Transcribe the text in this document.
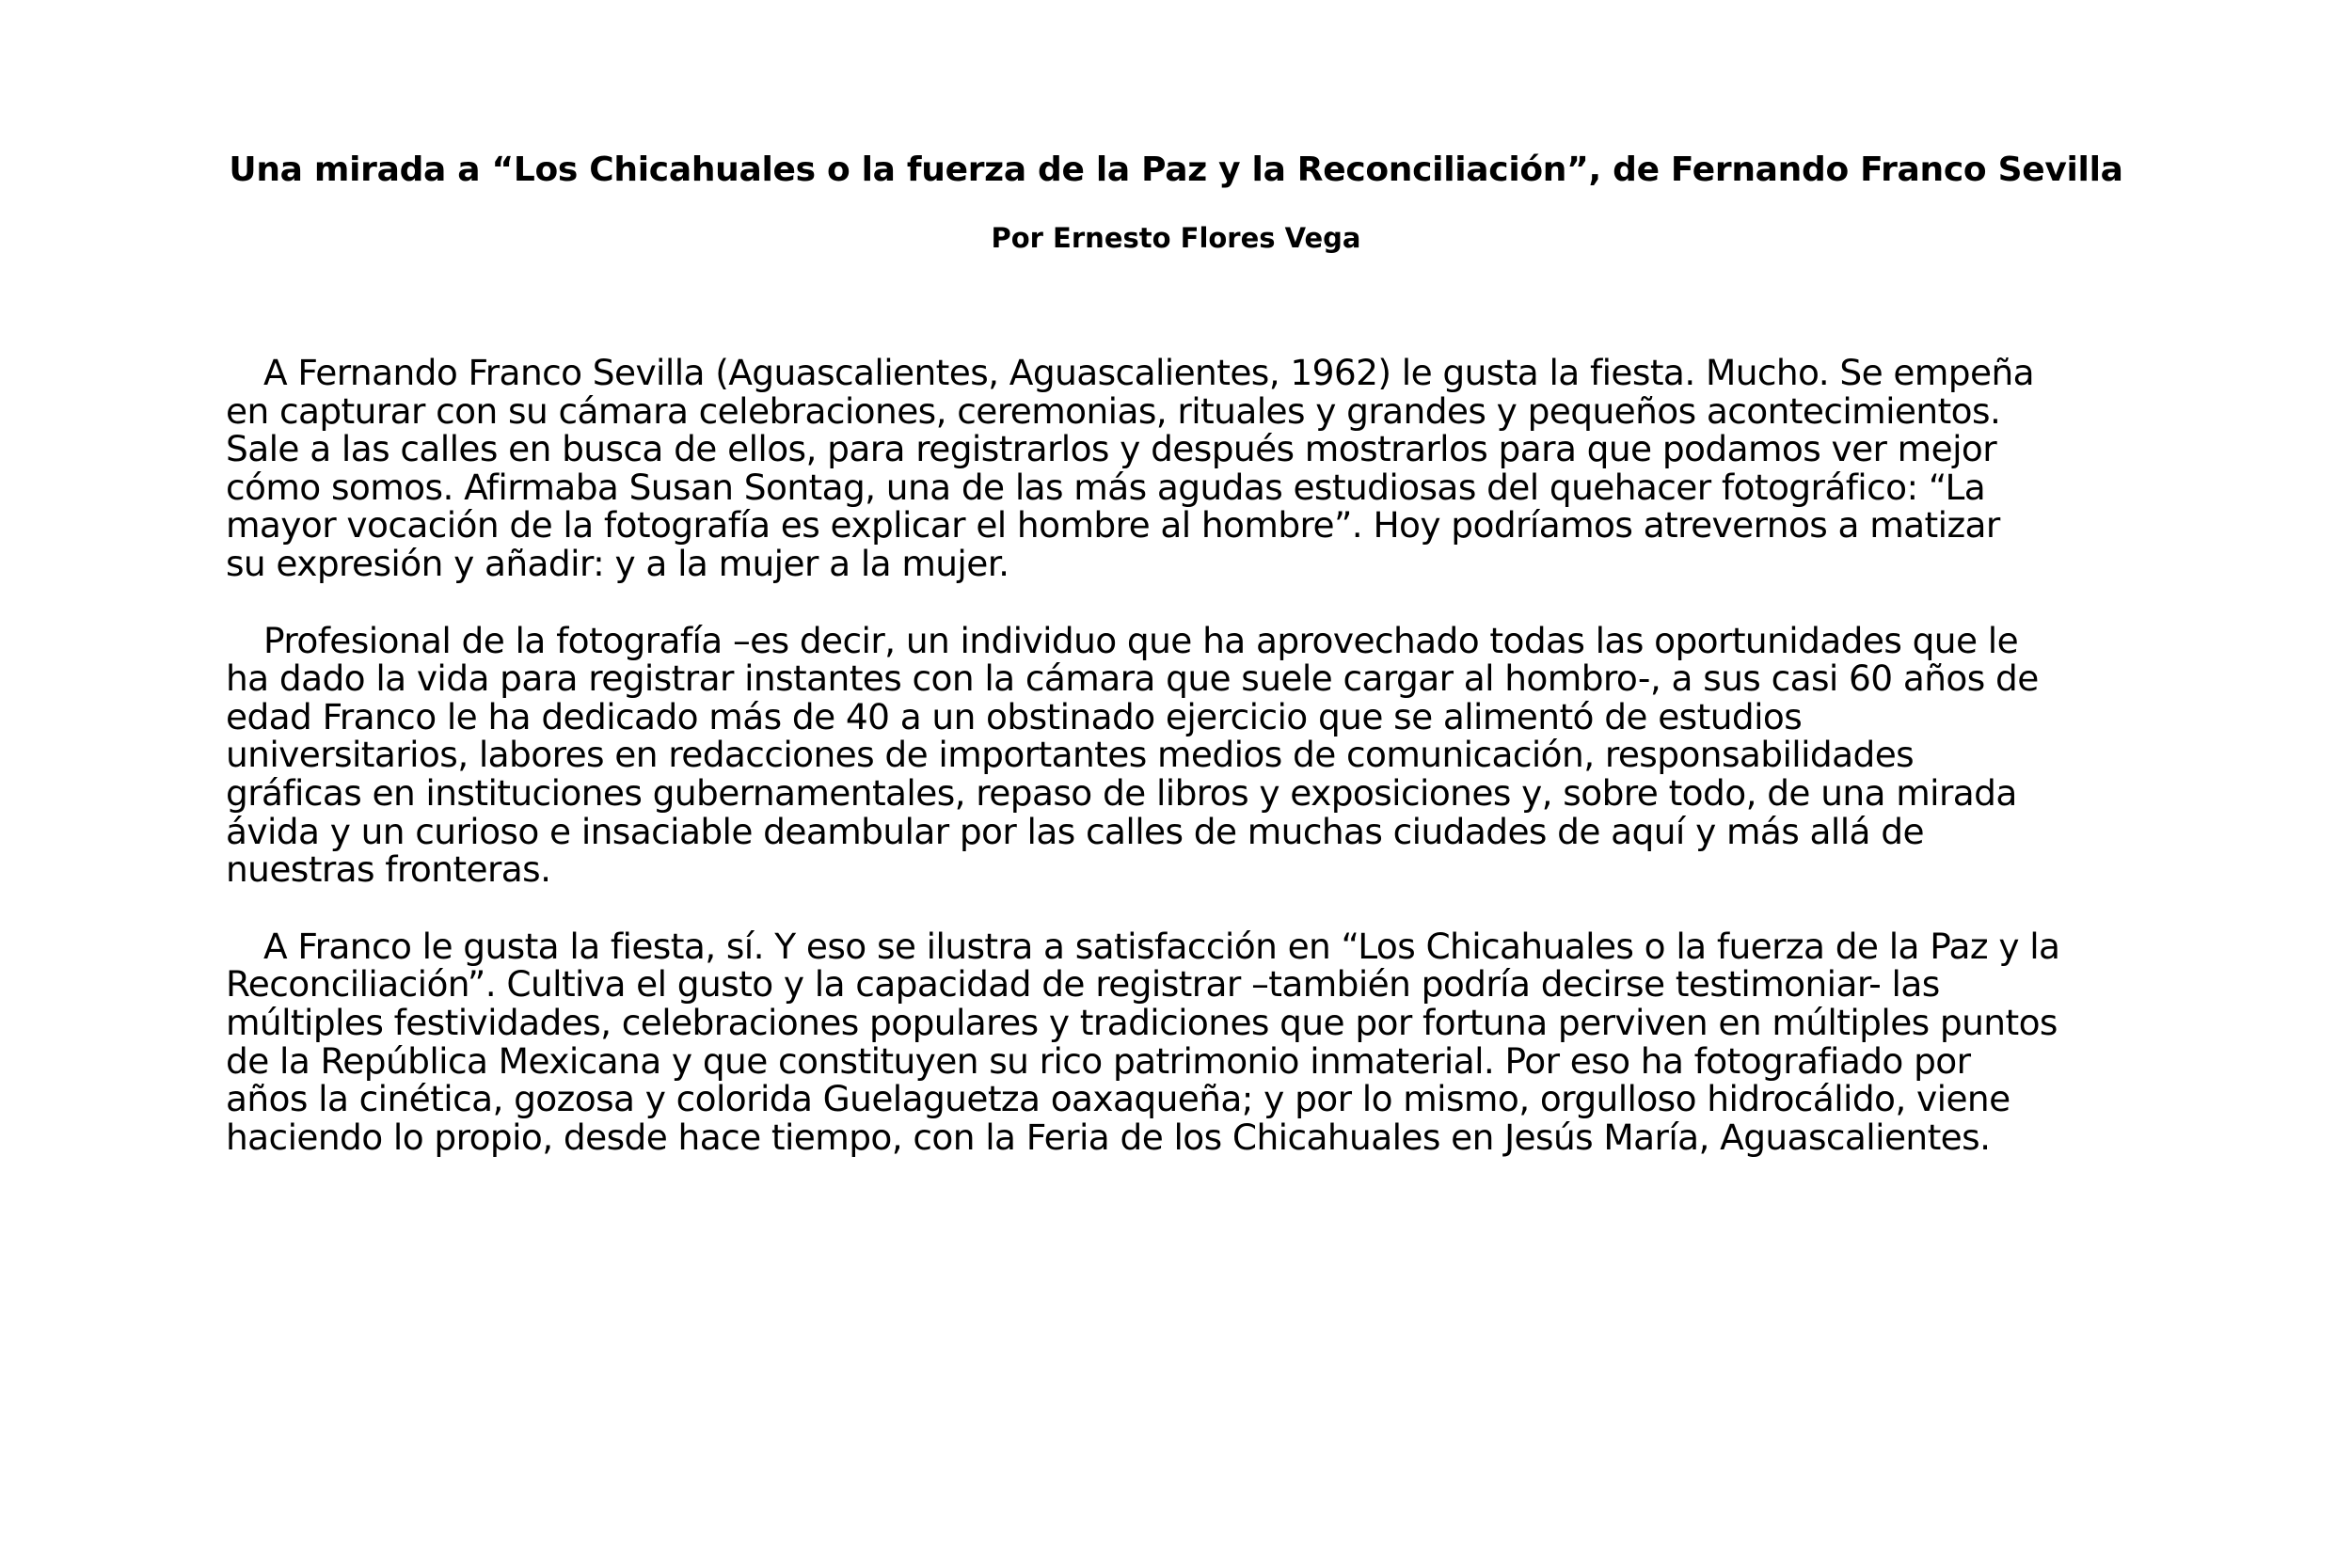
Una mirada a “Los Chicahuales o la fuerza de la Paz y la Reconciliación”, de Fernando Franco Sevilla
Por Ernesto Flores Vega

A Fernando Franco Sevilla (Aguascalientes, Aguascalientes, 1962) le gusta la fiesta. Mucho. Se empeña
en capturar con su cámara celebraciones, ceremonias, rituales y grandes y pequeños acontecimientos.
Sale a las calles en busca de ellos, para registrarlos y después mostrarlos para que podamos ver mejor
cómo somos. Afirmaba Susan Sontag, una de las más agudas estudiosas del quehacer fotográfico: “La
mayor vocación de la fotografía es explicar el hombre al hombre”. Hoy podríamos atrevernos a matizar
su expresión y añadir: y a la mujer a la mujer.

Profesional de la fotografía –es decir, un individuo que ha aprovechado todas las oportunidades que le
ha dado la vida para registrar instantes con la cámara que suele cargar al hombro-, a sus casi 60 años de
edad Franco le ha dedicado más de 40 a un obstinado ejercicio que se alimentó de estudios
universitarios, labores en redacciones de importantes medios de comunicación, responsabilidades
gráficas en instituciones gubernamentales, repaso de libros y exposiciones y, sobre todo, de una mirada
ávida y un curioso e insaciable deambular por las calles de muchas ciudades de aquí y más allá de
nuestras fronteras.

A Franco le gusta la fiesta, sí. Y eso se ilustra a satisfacción en “Los Chicahuales o la fuerza de la Paz y la
Reconciliación”. Cultiva el gusto y la capacidad de registrar –también podría decirse testimoniar- las
múltiples festividades, celebraciones populares y tradiciones que por fortuna perviven en múltiples puntos
de la República Mexicana y que constituyen su rico patrimonio inmaterial. Por eso ha fotografiado por
años la cinética, gozosa y colorida Guelaguetza oaxaqueña; y por lo mismo, orgulloso hidrocálido, viene
haciendo lo propio, desde hace tiempo, con la Feria de los Chicahuales en Jesús María, Aguascalientes.
